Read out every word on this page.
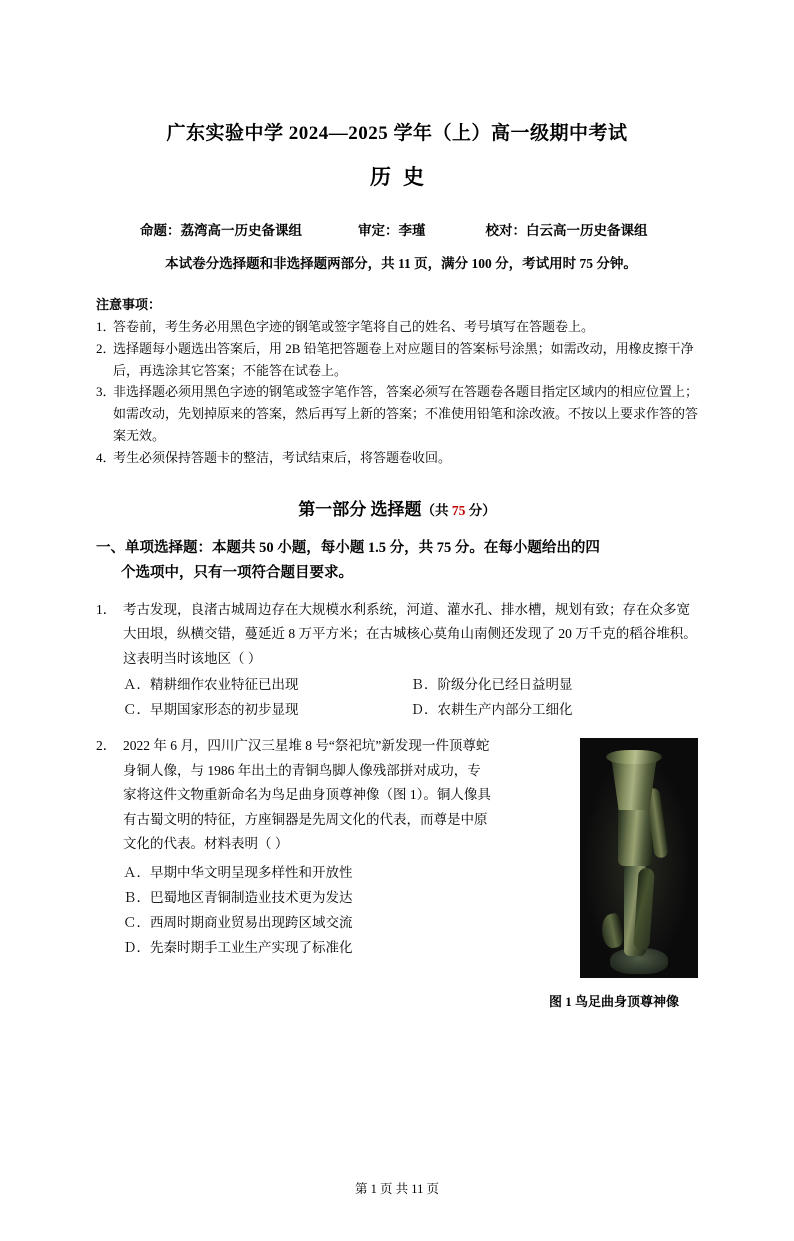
广东实验中学 2024—2025 学年（上）高一级期中考试
历史
命题：荔湾高一历史备课组	审定：李瑾	校对：白云高一历史备课组
本试卷分选择题和非选择题两部分，共 11 页，满分 100 分，考试用时 75 分钟。
注意事项：
1．
答卷前，考生务必用黑色字迹的钢笔或签字笔将自己的姓名、考号填写在答题卷上。
2．
选择题每小题选出答案后，用 2B 铅笔把答题卷上对应题目的答案标号涂黑；如需改动，用橡皮擦干净后，再选涂其它答案；不能答在试卷上。
3．
非选择题必须用黑色字迹的钢笔或签字笔作答，答案必须写在答题卷各题目指定区域内的相应位置上；如需改动，先划掉原来的答案，然后再写上新的答案；不准使用铅笔和涂改液。不按以上要求作答的答案无效。
4．
考生必须保持答题卡的整洁，考试结束后，将答题卷收回。
第一部分 选择题（共 75 分）
一、单项选择题：本题共 50 小题，每小题 1.5 分，共 75 分。在每小题给出的四
个选项中，只有一项符合题目要求。
1． 考古发现，良渚古城周边存在大规模水利系统，河道、灌水孔、排水槽，规划有致；存在众多宽大田垠，纵横交错，蔓延近 8 万平方米；在古城核心莫角山南侧还发现了 20 万千克的稻谷堆积。这表明当时该地区（ ）
Ａ．精耕细作农业特征已出现
Ｃ．早期国家形态的初步显现
Ｂ．阶级分化已经日益明显
Ｄ．农耕生产内部分工细化
2． 2022 年 6 月，四川广汉三星堆 8 号“祭祀坑”新发现一件顶尊蛇身铜人像，与 1986 年出土的青铜鸟脚人像残部拼对成功，专家将这件文物重新命名为鸟足曲身顶尊神像（图 1）。铜人像具有古蜀文明的特征，方座铜器是先周文化的代表，而尊是中原文化的代表。材料表明（ ）
Ａ．早期中华文明呈现多样性和开放性
Ｂ．巴蜀地区青铜制造业技术更为发达
Ｃ．西周时期商业贸易出现跨区域交流
Ｄ．先秦时期手工业生产实现了标准化
图 1 鸟足曲身顶尊神像
第 1 页 共 11 页
